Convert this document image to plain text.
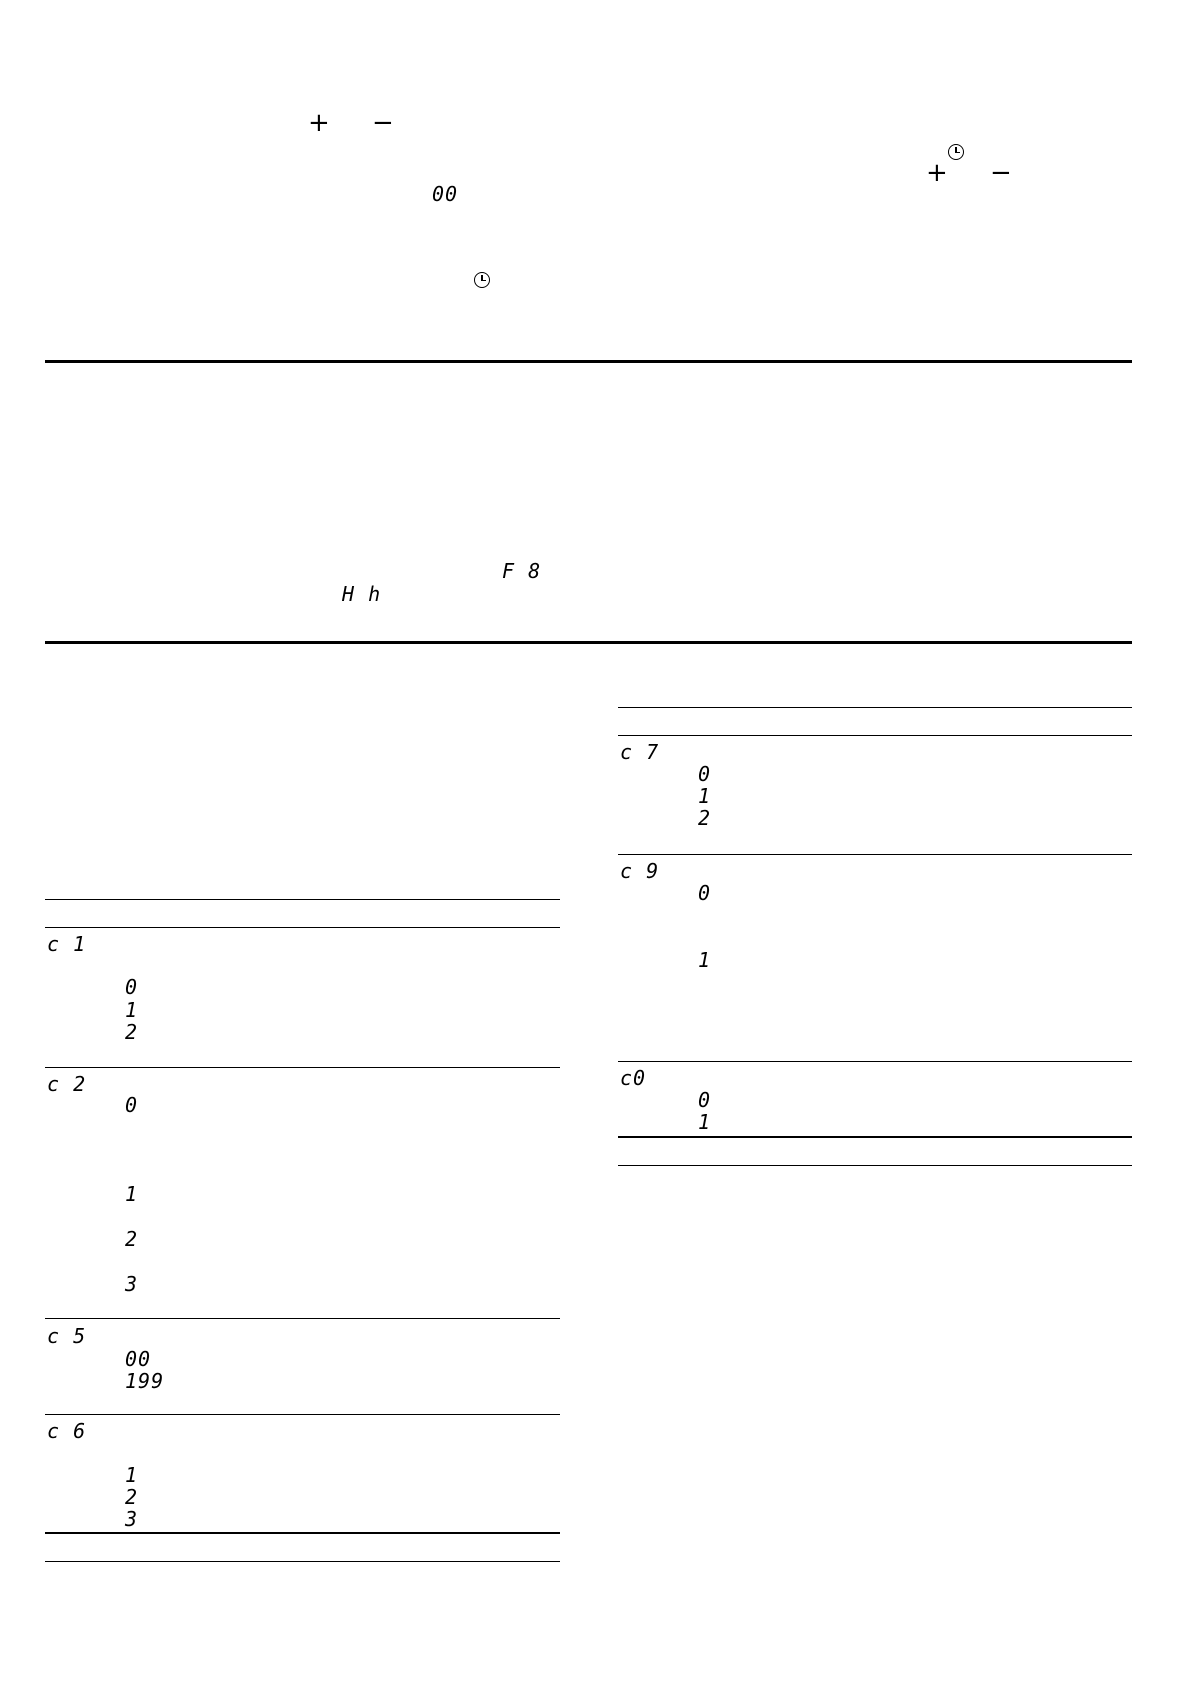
+ −
00
+ −
F 8
H h
c 1
0
1
2
c 2
0
1
2
3
c 5
00
199
c 6
1
2
3
c 7
0
1
2
c 9
0
1
c0
0
1
